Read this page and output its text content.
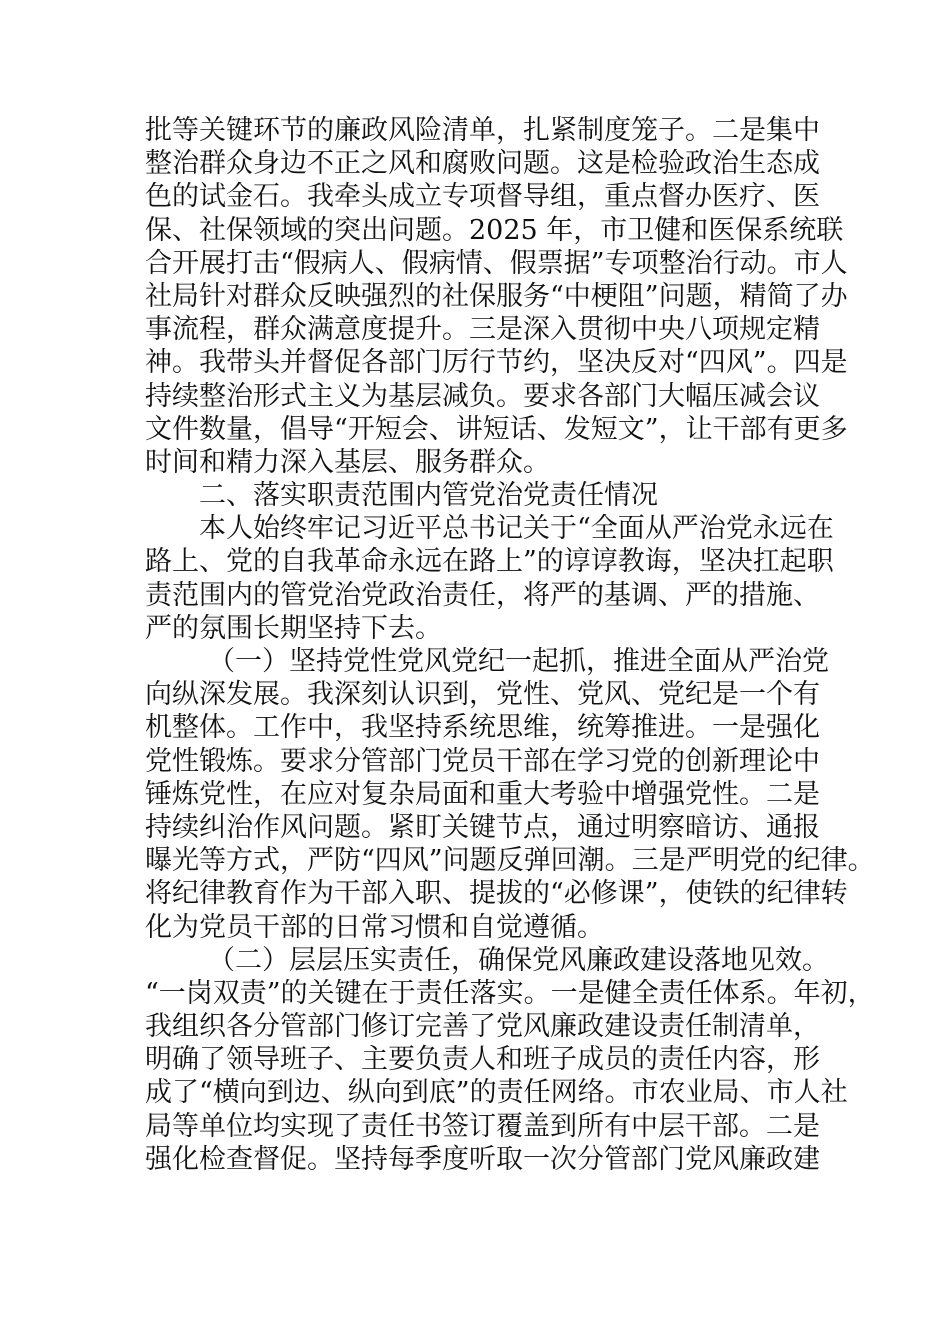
批等关键环节的廉政风险清单，扎紧制度笼子。二是集中
整治群众身边不正之风和腐败问题。这是检验政治生态成
色的试金石。我牵头成立专项督导组，重点督办医疗、医
保、社保领域的突出问题。2025 年，市卫健和医保系统联
合开展打击“假病人、假病情、假票据”专项整治行动。市人
社局针对群众反映强烈的社保服务“中梗阻”问题，精简了办
事流程，群众满意度提升。三是深入贯彻中央八项规定精
神。我带头并督促各部门厉行节约，坚决反对“四风”。四是
持续整治形式主义为基层减负。要求各部门大幅压减会议
文件数量，倡导“开短会、讲短话、发短文”，让干部有更多
时间和精力深入基层、服务群众。
二、落实职责范围内管党治党责任情况
本人始终牢记习近平总书记关于“全面从严治党永远在
路上、党的自我革命永远在路上”的谆谆教诲，坚决扛起职
责范围内的管党治党政治责任，将严的基调、严的措施、
严的氛围长期坚持下去。
（一）坚持党性党风党纪一起抓，推进全面从严治党
向纵深发展。我深刻认识到，党性、党风、党纪是一个有
机整体。工作中，我坚持系统思维，统筹推进。一是强化
党性锻炼。要求分管部门党员干部在学习党的创新理论中
锤炼党性，在应对复杂局面和重大考验中增强党性。二是
持续纠治作风问题。紧盯关键节点，通过明察暗访、通报
曝光等方式，严防“四风”问题反弹回潮。三是严明党的纪律。
将纪律教育作为干部入职、提拔的“必修课”，使铁的纪律转
化为党员干部的日常习惯和自觉遵循。
（二）层层压实责任，确保党风廉政建设落地见效。
“一岗双责”的关键在于责任落实。一是健全责任体系。年初，
我组织各分管部门修订完善了党风廉政建设责任制清单，
明确了领导班子、主要负责人和班子成员的责任内容，形
成了“横向到边、纵向到底”的责任网络。市农业局、市人社
局等单位均实现了责任书签订覆盖到所有中层干部。二是
强化检查督促。坚持每季度听取一次分管部门党风廉政建
